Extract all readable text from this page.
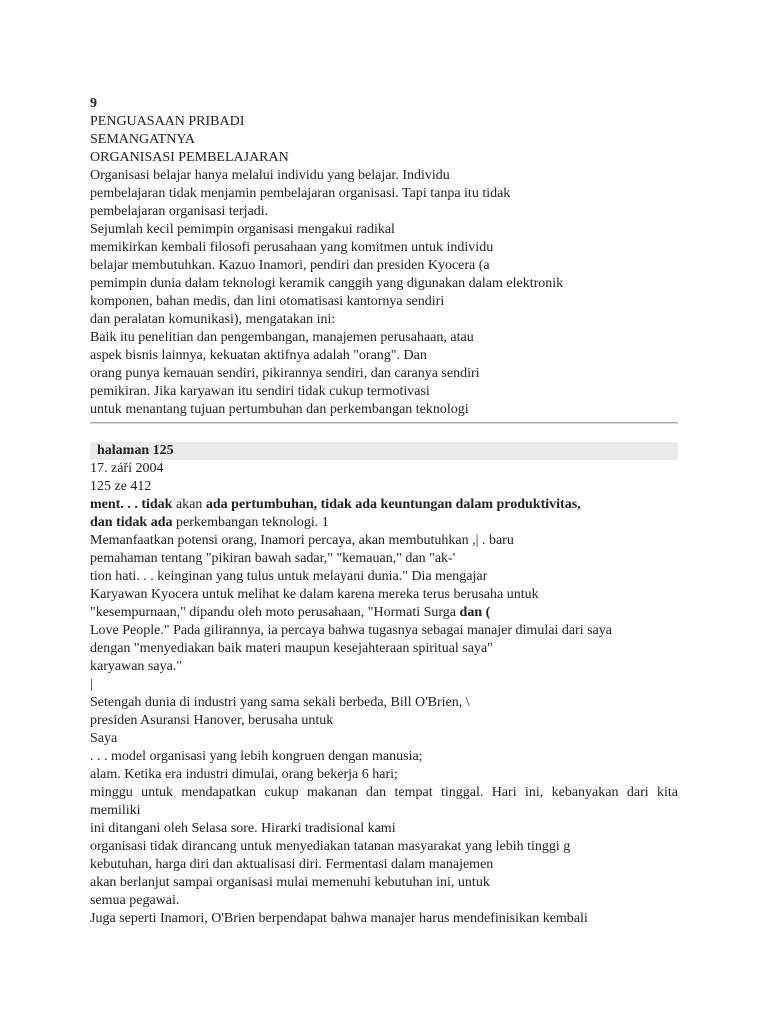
9
PENGUASAAN PRIBADI
SEMANGATNYA
ORGANISASI PEMBELAJARAN
Organisasi belajar hanya melalui individu yang belajar. Individu
pembelajaran tidak menjamin pembelajaran organisasi. Tapi tanpa itu tidak
pembelajaran organisasi terjadi.
Sejumlah kecil pemimpin organisasi mengakui radikal
memikirkan kembali filosofi perusahaan yang komitmen untuk individu
belajar membutuhkan. Kazuo Inamori, pendiri dan presiden Kyocera (a
pemimpin dunia dalam teknologi keramik canggih yang digunakan dalam elektronik
komponen, bahan medis, dan lini otomatisasi kantornya sendiri
dan peralatan komunikasi), mengatakan ini:
Baik itu penelitian dan pengembangan, manajemen perusahaan, atau
aspek bisnis lainnya, kekuatan aktifnya adalah "orang". Dan
orang punya kemauan sendiri, pikirannya sendiri, dan caranya sendiri
pemikiran. Jika karyawan itu sendiri tidak cukup termotivasi
untuk menantang tujuan pertumbuhan dan perkembangan teknologi
halaman 125
17. září 2004
125 ze 412
ment. . . tidak akan ada pertumbuhan, tidak ada keuntungan dalam produktivitas,
dan tidak ada perkembangan teknologi. 1
Memanfaatkan potensi orang, Inamori percaya, akan membutuhkan ,| . baru
pemahaman tentang "pikiran bawah sadar," "kemauan," dan "ak-'
tion hati. . . keinginan yang tulus untuk melayani dunia." Dia mengajar
Karyawan Kyocera untuk melihat ke dalam karena mereka terus berusaha untuk
"kesempurnaan," dipandu oleh moto perusahaan, "Hormati Surga dan (
Love People." Pada gilirannya, ia percaya bahwa tugasnya sebagai manajer dimulai dari saya
dengan "menyediakan baik materi maupun kesejahteraan spiritual saya"
karyawan saya."
|
Setengah dunia di industri yang sama sekali berbeda, Bill O'Brien, \
presiden Asuransi Hanover, berusaha untuk
Saya
. . . model organisasi yang lebih kongruen dengan manusia;
alam. Ketika era industri dimulai, orang bekerja 6 hari;
minggu untuk mendapatkan cukup makanan dan tempat tinggal. Hari ini, kebanyakan dari kita
memiliki
ini ditangani oleh Selasa sore. Hirarki tradisional kami
organisasi tidak dirancang untuk menyediakan tatanan masyarakat yang lebih tinggi g
kebutuhan, harga diri dan aktualisasi diri. Fermentasi dalam manajemen
akan berlanjut sampai organisasi mulai memenuhi kebutuhan ini, untuk
semua pegawai.
Juga seperti Inamori, O'Brien berpendapat bahwa manajer harus mendefinisikan kembali
